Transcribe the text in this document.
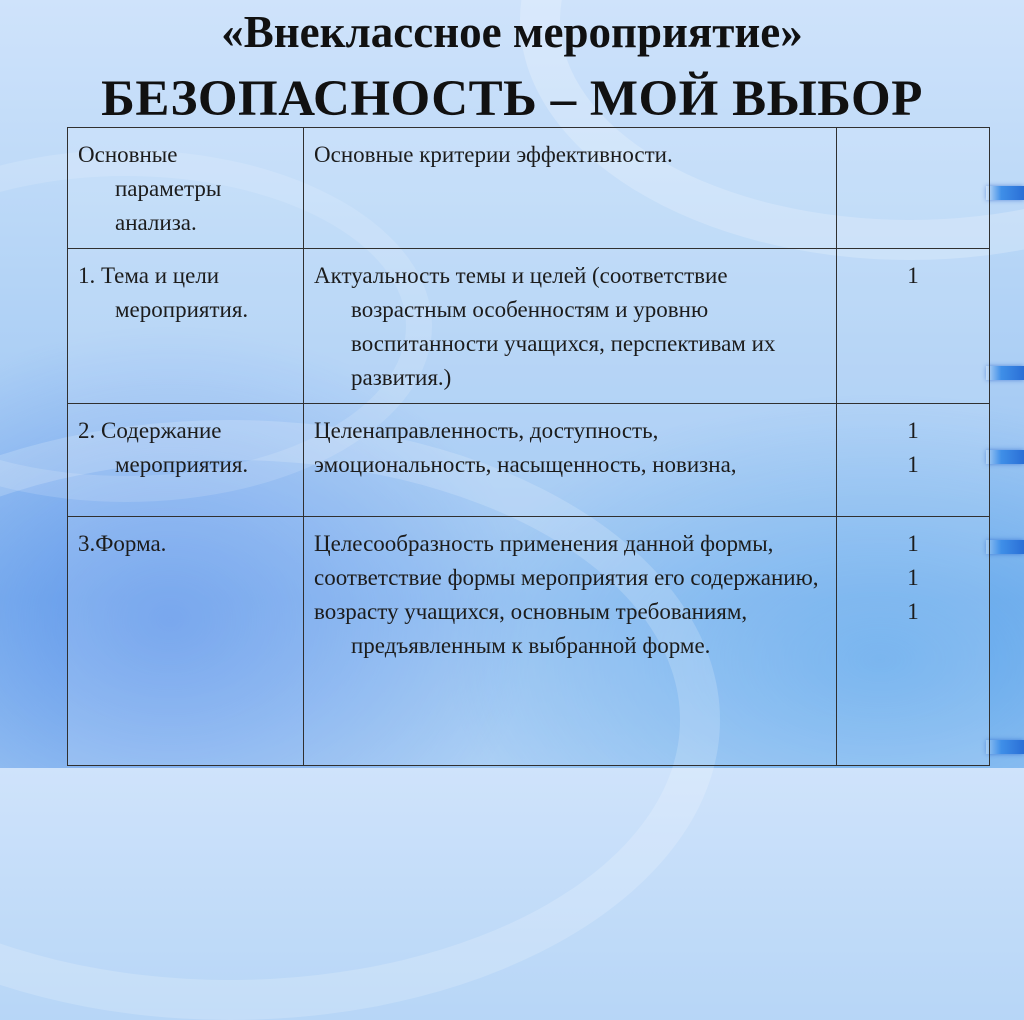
«Внеклассное мероприятие»
БЕЗОПАСНОСТЬ – МОЙ ВЫБОР
Основные
параметры
анализа.	Основные критерии эффективности.	

1. Тема и цели мероприятия.	Актуальность темы и целей (соответствие возрастным особенностям и уровню воспитанности учащихся, перспективам их развития.)	1

2. Содержание мероприятия.	Целенаправленность, доступность, эмоциональность, насыщенность, новизна,	1
1

3.Форма.	Целесообразность применения данной формы,
соответствие формы мероприятия его содержанию,
возрасту учащихся, основным требованиям, предъявленным к выбранной форме.	1
1
1
